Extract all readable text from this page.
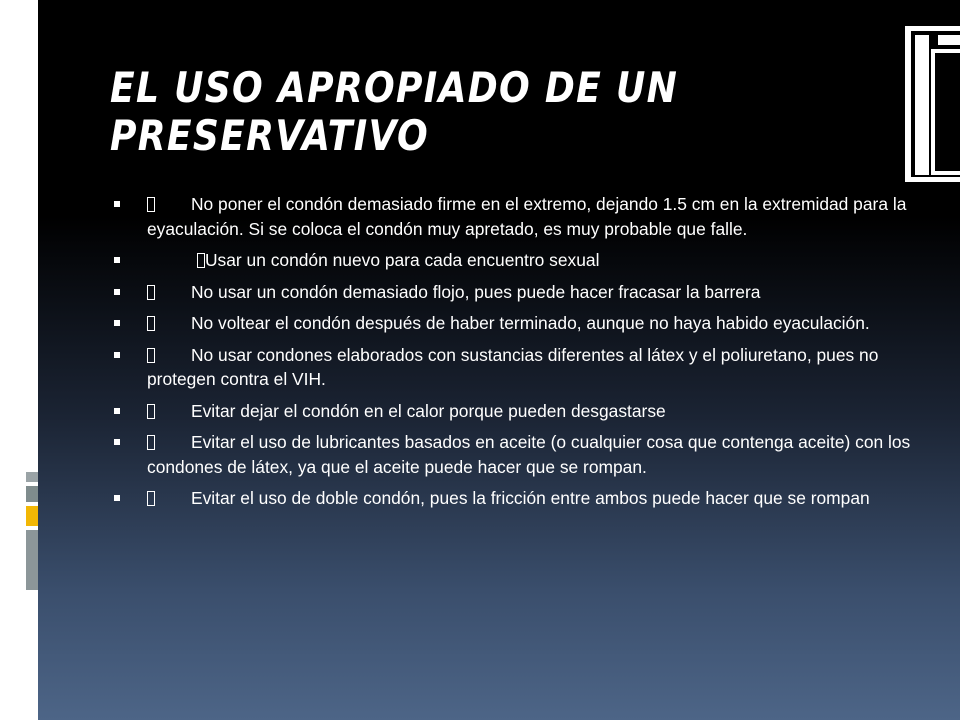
EL USO APROPIADO DE UN PRESERVATIVO
No poner el condón demasiado firme en el extremo, dejando 1.5 cm en la extremidad para la eyaculación. Si se coloca el condón muy apretado, es muy probable que falle.
Usar un condón nuevo para cada encuentro sexual
No usar un condón demasiado flojo, pues puede hacer fracasar la barrera
No voltear el condón después de haber terminado, aunque no haya habido eyaculación.
No usar condones elaborados con sustancias diferentes al látex y el poliuretano, pues no protegen contra el VIH.
Evitar dejar el condón en el calor porque pueden desgastarse
Evitar el uso de lubricantes basados en aceite (o cualquier cosa que contenga aceite) con los condones de látex, ya que el aceite puede hacer que se rompan.
Evitar el uso de doble condón, pues la fricción entre ambos puede hacer que se rompan
